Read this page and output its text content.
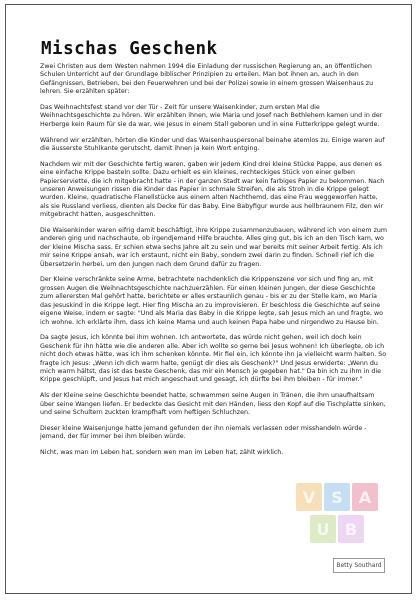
Mischas Geschenk

Zwei Christen aus dem Westen nahmen 1994 die Einladung der russischen Regierung an, an öffentlichen Schulen Unterricht auf der Grundlage biblischer Prinzipien zu erteilen. Man bot ihnen an, auch in den Gefängnissen, Betrieben, bei den Feuerwehren und bei der Polizei sowie in einem grossen Waisenhaus zu lehren. Sie erzählten später:

Das Weihnachtsfest stand vor der Tür - Zeit für unsere Waisenkinder, zum ersten Mal die Weihnachtsgeschichte zu hören. Wir erzählten ihnen, wie Maria und Josef nach Bethlehem kamen und in der Herberge kein Raum für sie da war, wie Jesus in einem Stall geboren und in eine Futterkrippe gelegt wurde.

Während wir erzählten, hörten die Kinder und das Waisenhauspersonal beinahe atemlos zu. Einige waren auf die äusserste Stuhlkante gerutscht, damit ihnen ja kein Wort entging.

Nachdem wir mit der Geschichte fertig waren, gaben wir jedem Kind drei kleine Stücke Pappe, aus denen es eine einfache Krippe basteln sollte. Dazu erhielt es ein kleines, rechteckiges Stück von einer gelben Papierserviette, die ich mitgebracht hatte - in der ganzen Stadt war kein farbiges Papier zu bekommen. Nach unseren Anweisungen rissen die Kinder das Papier in schmale Streifen, die als Stroh in die Krippe gelegt wurden. Kleine, quadratische Flanellstücke aus einem alten Nachthemd, das eine Frau weggeworfen hatte, als sie Russland verliess, dienten als Decke für das Baby. Eine Babyfigur wurde aus hellbraunem Filz, den wir mitgebracht hatten, ausgeschnitten.

Die Waisenkinder waren eifrig damit beschäftigt, ihre Krippe zusammenzubauen, während ich von einem zum anderen ging und nachschaute, ob irgendjemand Hilfe brauchte. Alles ging gut, bis ich an den Tisch kam, wo der kleine Mischa sass. Er schien etwa sechs Jahre alt zu sein und war bereits mit seiner Arbeit fertig. Als ich mir seine Krippe ansah, war ich erstaunt, nicht ein Baby, sondern zwei darin zu finden. Schnell rief ich die Übersetzerin herbei, um den Jungen nach dem Grund dafür zu fragen.

Der Kleine verschränkte seine Arme, betrachtete nachdenklich die Krippenszene vor sich und fing an, mit grossen Augen die Weihnachtsgeschichte nachzuerzählen. Für einen kleinen Jungen, der diese Geschichte zum allerersten Mal gehört hatte, berichtete er alles erstaunlich genau - bis er zu der Stelle kam, wo Maria das Jesuskind in die Krippe legt. Hier fing Mischa an zu improvisieren. Er beschloss die Geschichte auf seine eigene Weise, indem er sagte: "Und als Maria das Baby in die Krippe legte, sah Jesus mich an und fragte, wo ich wohne. Ich erklärte ihm, dass ich keine Mama und auch keinen Papa habe und nirgendwo zu Hause bin.

Da sagte Jesus, ich könnte bei ihm wohnen. Ich antwortete, das würde nicht gehen, weil ich doch kein Geschenk für ihn hätte wie die anderen alle. Aber ich wollte so gerne bei Jesus wohnen! Ich überlegte, ob ich nicht doch etwas hätte, was ich ihm schenken könnte. Mir fiel ein, ich könnte ihn ja vielleicht warm halten. So fragte ich Jesus: „Wenn ich dich warm halte, genügt dir dies als Geschenk?" Und Jesus erwiderte: „Wenn du mich warm hältst, das ist das beste Geschenk, das mir ein Mensch je gegeben hat." Da bin ich zu ihm in die Krippe geschlüpft, und Jesus hat mich angeschaut und gesagt, ich dürfte bei ihm bleiben - für immer."

Als der Kleine seine Geschichte beendet hatte, schwammen seine Augen in Tränen, die ihm unaufhaltsam über seine Wangen liefen. Er bedeckte das Gesicht mit den Händen, liess den Kopf auf die Tischplatte sinken, und seine Schultern zuckten krampfhaft vom heftigen Schluchzen.

Dieser kleine Waisenjunge hatte jemand gefunden der ihn niemals verlassen oder misshandeln würde - jemand, der für immer bei ihm bleiben würde.

Nicht, was man im Leben hat, sondern wen man im Leben hat, zählt wirklich.

V S A
U B
Betty Southard
